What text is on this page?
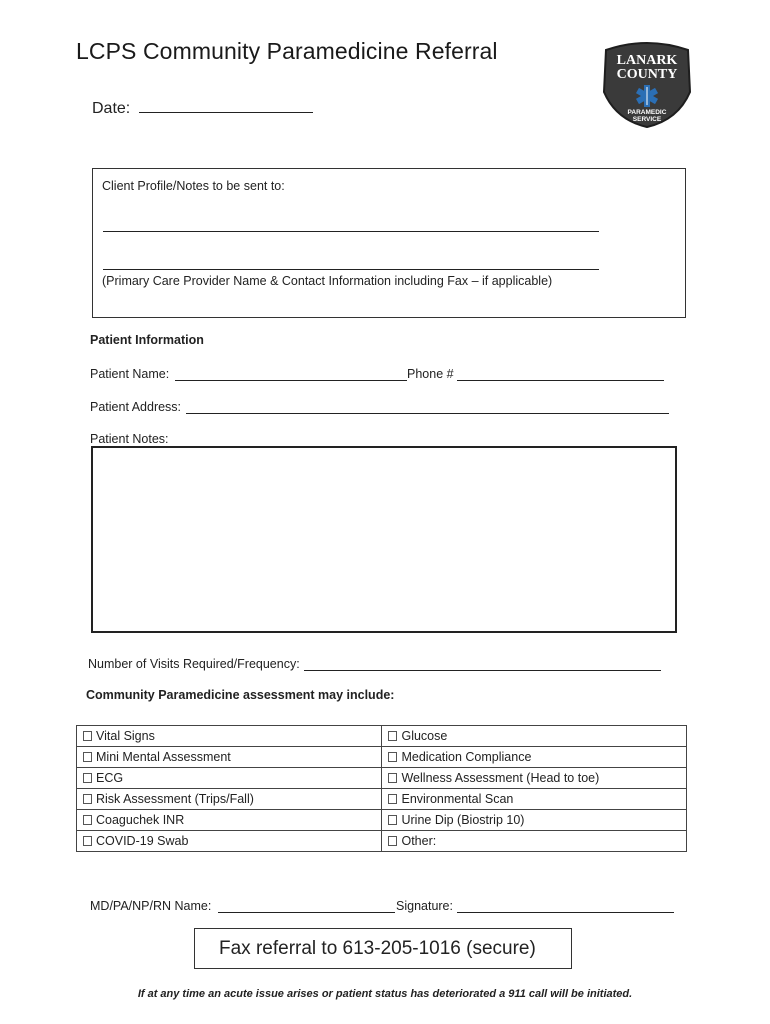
LCPS Community Paramedicine Referral
Date:
LANARK
COUNTY
PARAMEDIC
SERVICE
Client Profile/Notes to be sent to:
(Primary Care Provider Name & Contact Information including Fax – if applicable)
Patient Information
Patient Name:	Phone #
Patient Address:
Patient Notes:
Number of Visits Required/Frequency:
Community Paramedicine assessment may include:
Vital Signs	Glucose
Mini Mental Assessment	Medication Compliance
ECG	Wellness Assessment (Head to toe)
Risk Assessment (Trips/Fall)	Environmental Scan
Coaguchek INR	Urine Dip (Biostrip 10)
COVID-19 Swab	Other:
MD/PA/NP/RN Name:	Signature:
Fax referral to 613-205-1016 (secure)
If at any time an acute issue arises or patient status has deteriorated a 911 call will be initiated.
